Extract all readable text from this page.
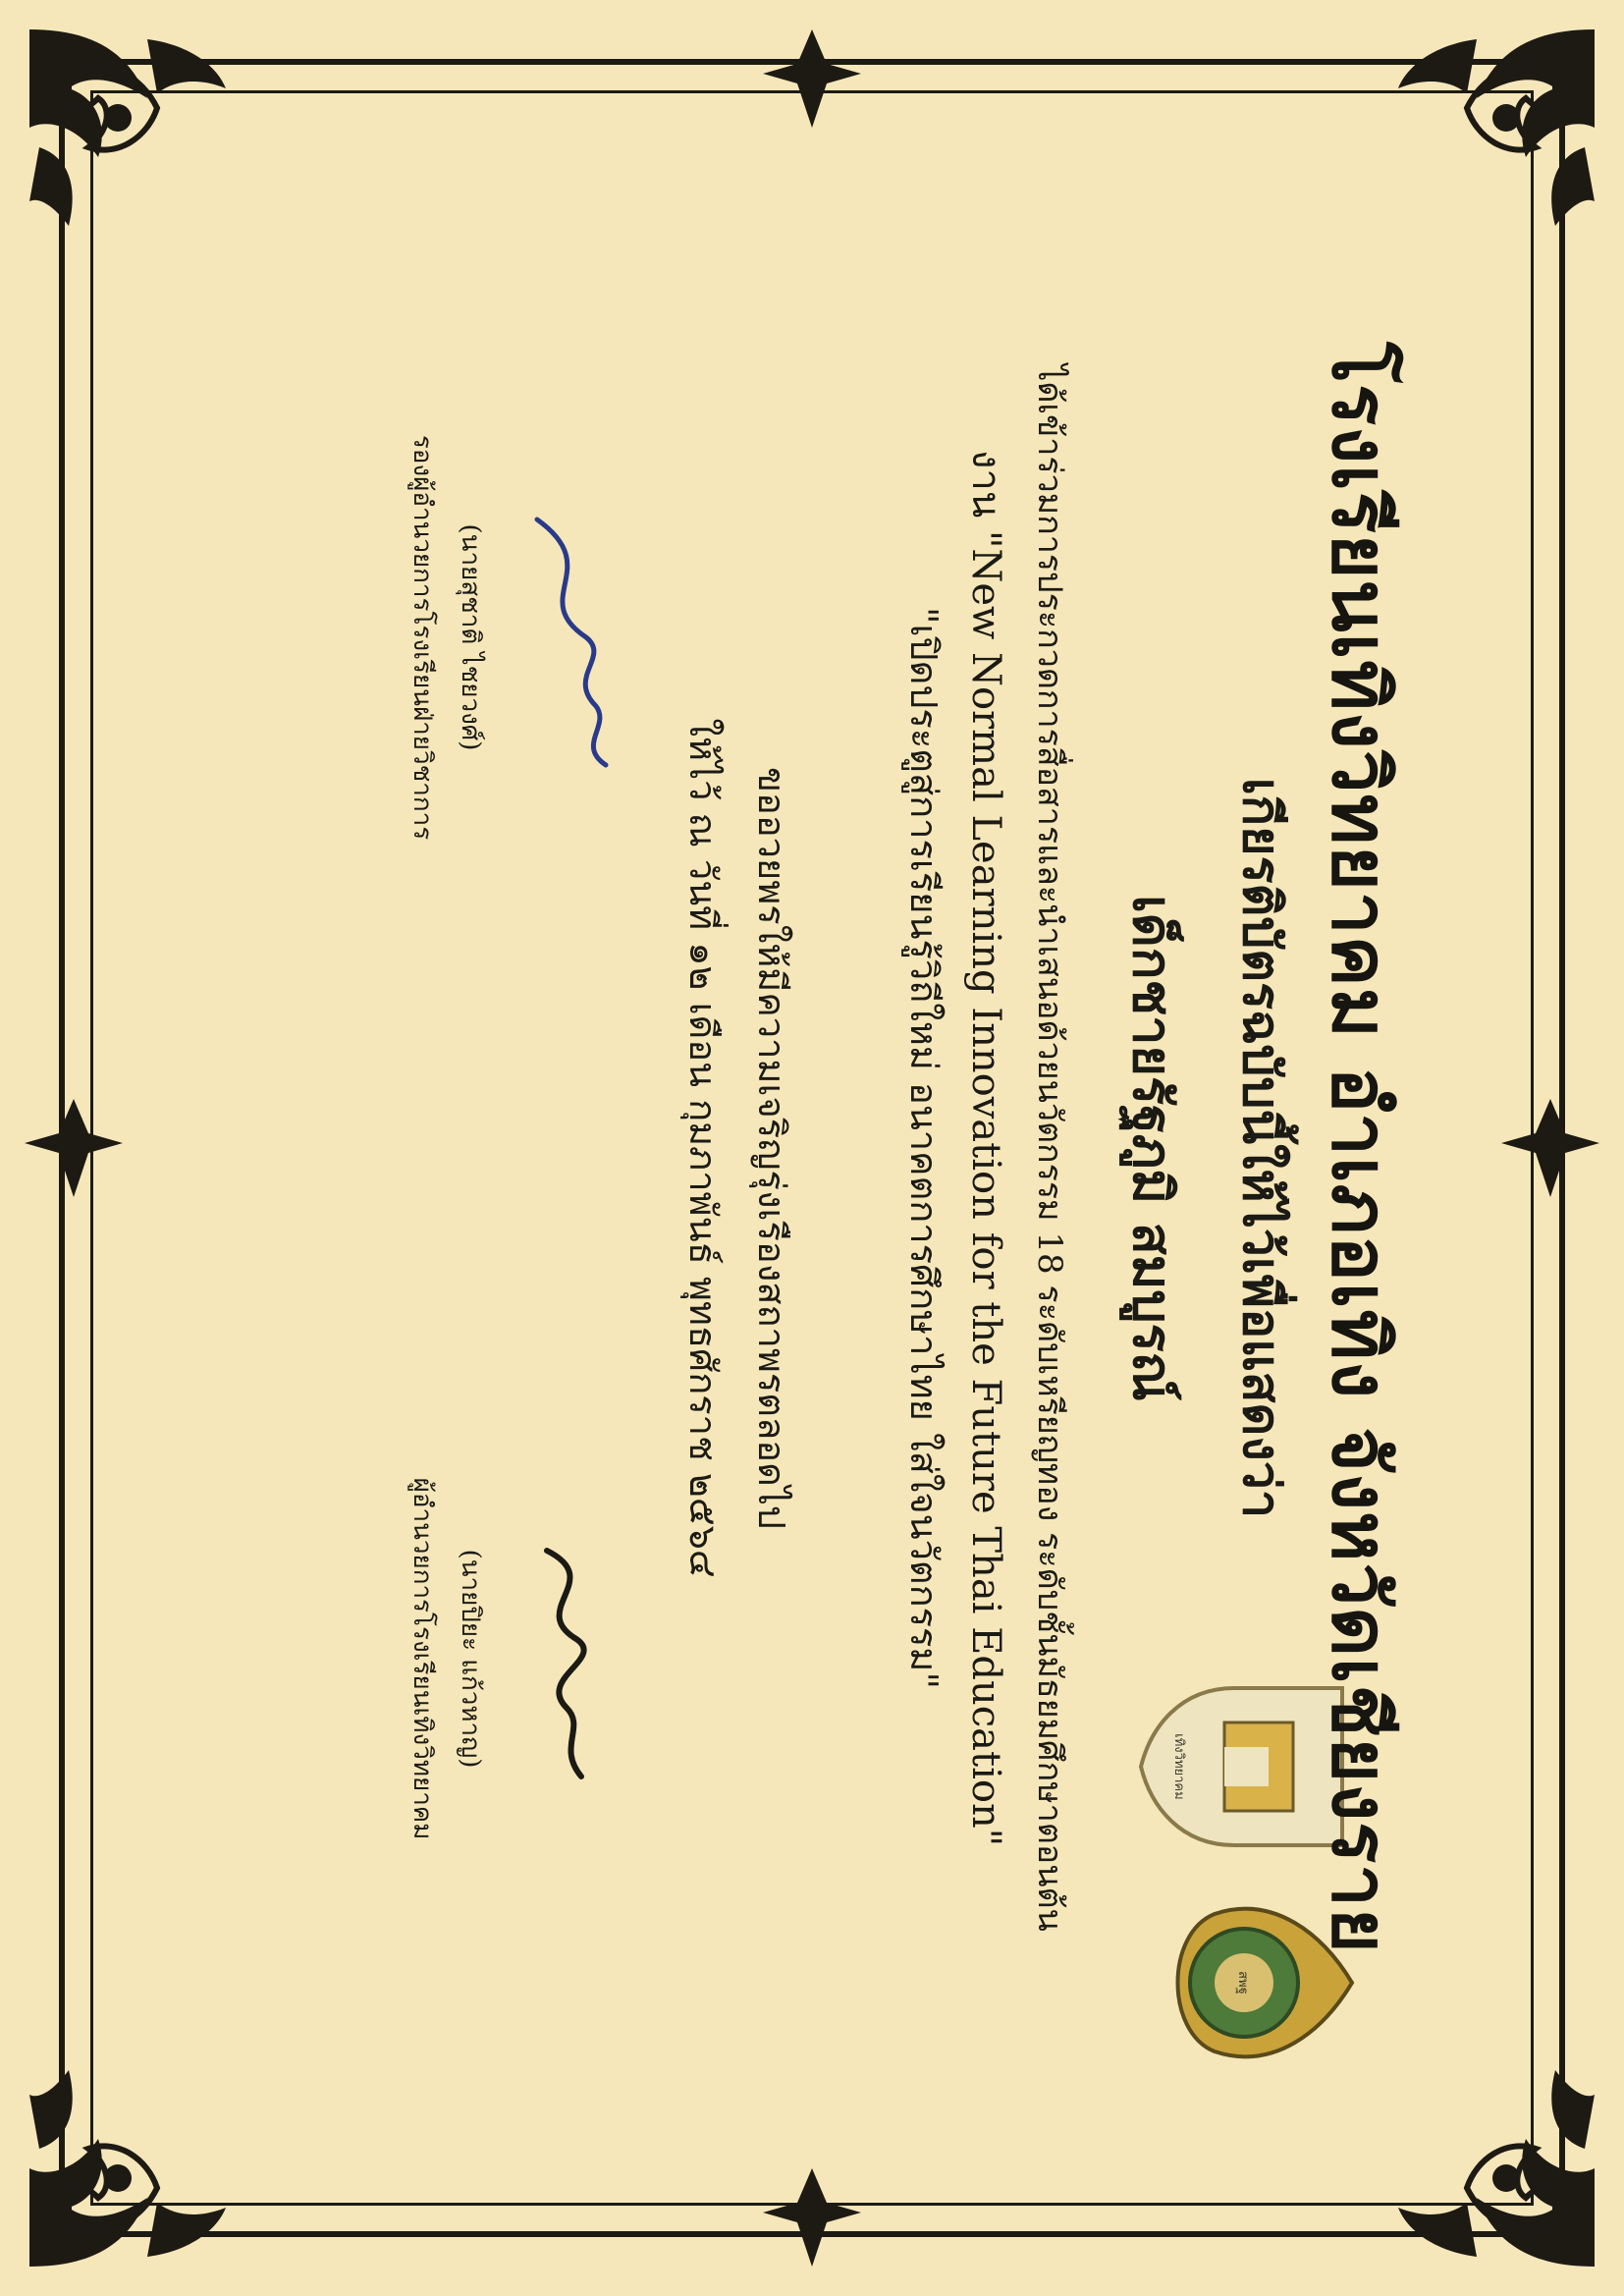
เทิงวิทยาคม
สพฐ
โรงเรียนเทิงวิทยาคม อำเภอเทิง จังหวัดเชียงราย
เกียรติบัตรฉบับนี้ให้ไว้เพื่อแสดงว่า
เด็กชายรัฐภูมิ สมบูรณ์
ได้เข้าร่วมการประกวดการสื่อสารและนำเสนอด้วยนวัตกรรม 18 ระดับเหรียญทอง ระดับชั้นมัธยมศึกษาตอนต้น
งาน "New Normal Learning Innovation for the Future Thai Education"
"เปิดประตูสู่การเรียนรู้วิถีใหม่ อนาคตการศึกษาไทย ใส่ใจนวัตกรรม"
ขออวยพรให้มีความเจริญรุ่งเรืองสถาพรตลอดไป
ให้ไว้ ณ วันที่ ๑๒ เดือน กุมภาพันธ์ พุทธศักราช ๒๕๖๔
(นายสุชาติ ไชยวงศ์)
รองผู้อำนวยการโรงเรียนฝ่ายวิชาการ
(นายปิยะ แก้วหาญ)
ผู้อำนวยการโรงเรียนเทิงวิทยาคม
